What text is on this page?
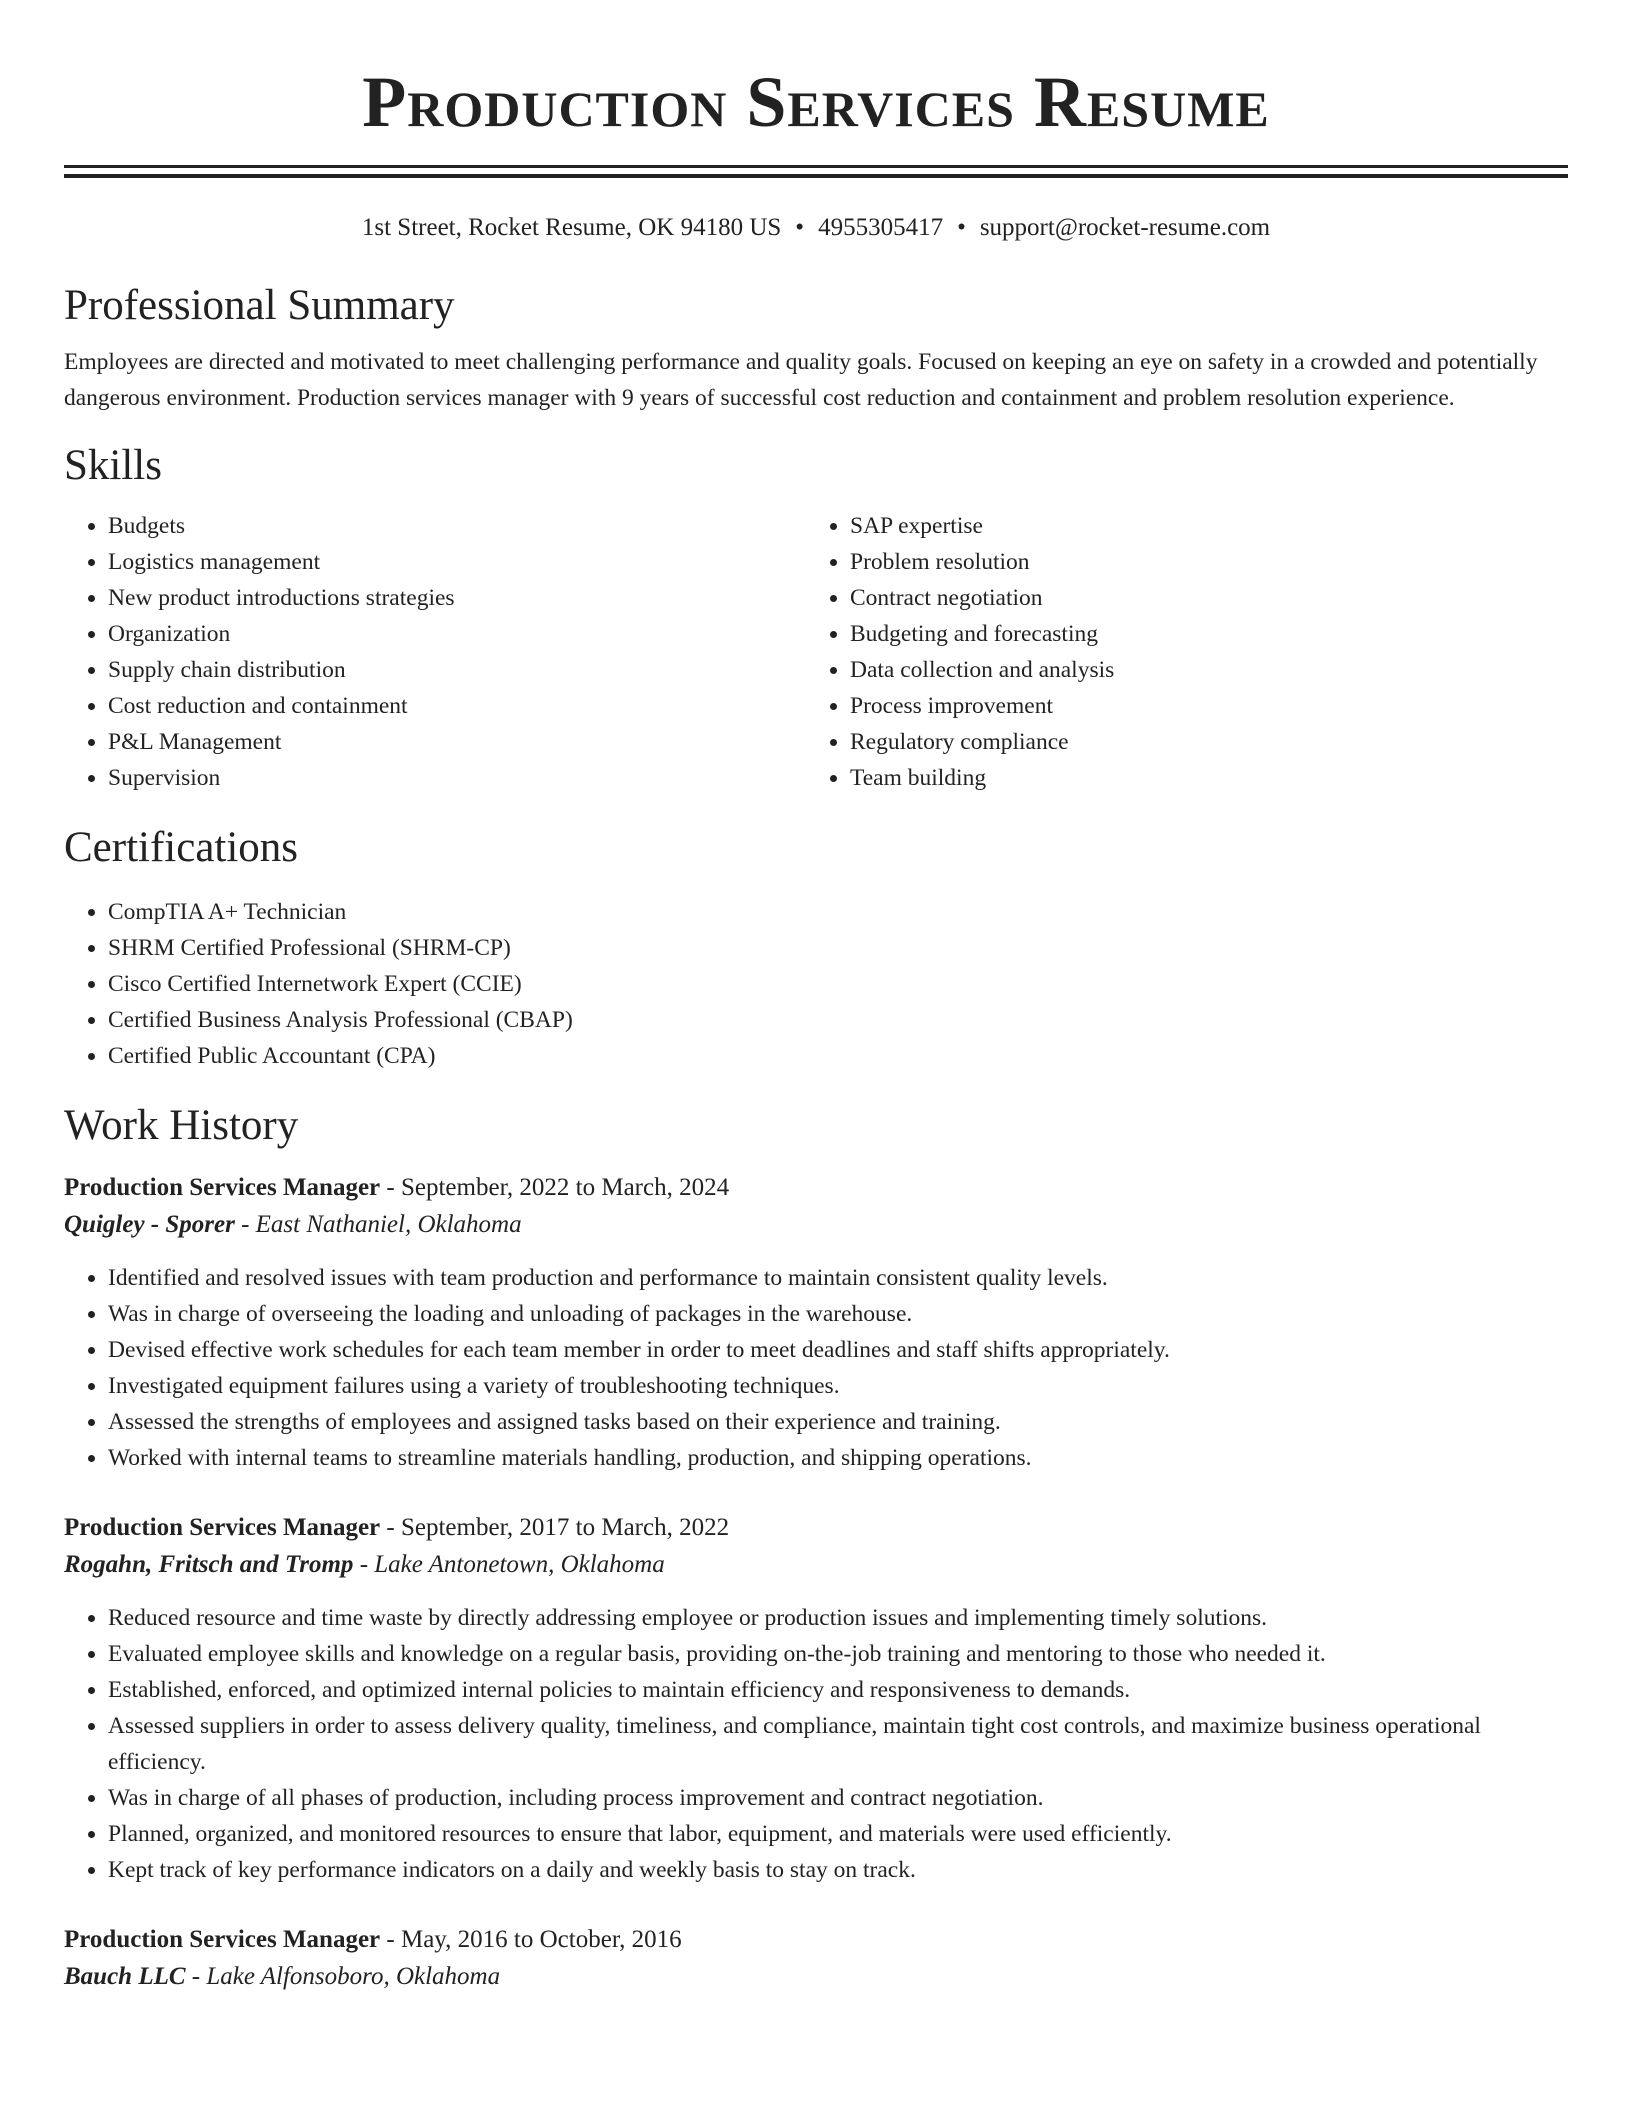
Production Services Resume
1st Street, Rocket Resume, OK 94180 US • 4955305417 • support@rocket-resume.com
Professional Summary
Employees are directed and motivated to meet challenging performance and quality goals. Focused on keeping an eye on safety in a crowded and potentially dangerous environment. Production services manager with 9 years of successful cost reduction and containment and problem resolution experience.
Skills
• Budgets
• Logistics management
• New product introductions strategies
• Organization
• Supply chain distribution
• Cost reduction and containment
• P&L Management
• Supervision
• SAP expertise
• Problem resolution
• Contract negotiation
• Budgeting and forecasting
• Data collection and analysis
• Process improvement
• Regulatory compliance
• Team building
Certifications
• CompTIA A+ Technician
• SHRM Certified Professional (SHRM-CP)
• Cisco Certified Internetwork Expert (CCIE)
• Certified Business Analysis Professional (CBAP)
• Certified Public Accountant (CPA)
Work History
Production Services Manager - September, 2022 to March, 2024
Quigley - Sporer - East Nathaniel, Oklahoma
• Identified and resolved issues with team production and performance to maintain consistent quality levels.
• Was in charge of overseeing the loading and unloading of packages in the warehouse.
• Devised effective work schedules for each team member in order to meet deadlines and staff shifts appropriately.
• Investigated equipment failures using a variety of troubleshooting techniques.
• Assessed the strengths of employees and assigned tasks based on their experience and training.
• Worked with internal teams to streamline materials handling, production, and shipping operations.
Production Services Manager - September, 2017 to March, 2022
Rogahn, Fritsch and Tromp - Lake Antonetown, Oklahoma
• Reduced resource and time waste by directly addressing employee or production issues and implementing timely solutions.
• Evaluated employee skills and knowledge on a regular basis, providing on-the-job training and mentoring to those who needed it.
• Established, enforced, and optimized internal policies to maintain efficiency and responsiveness to demands.
• Assessed suppliers in order to assess delivery quality, timeliness, and compliance, maintain tight cost controls, and maximize business operational efficiency.
• Was in charge of all phases of production, including process improvement and contract negotiation.
• Planned, organized, and monitored resources to ensure that labor, equipment, and materials were used efficiently.
• Kept track of key performance indicators on a daily and weekly basis to stay on track.
Production Services Manager - May, 2016 to October, 2016
Bauch LLC - Lake Alfonsoboro, Oklahoma
